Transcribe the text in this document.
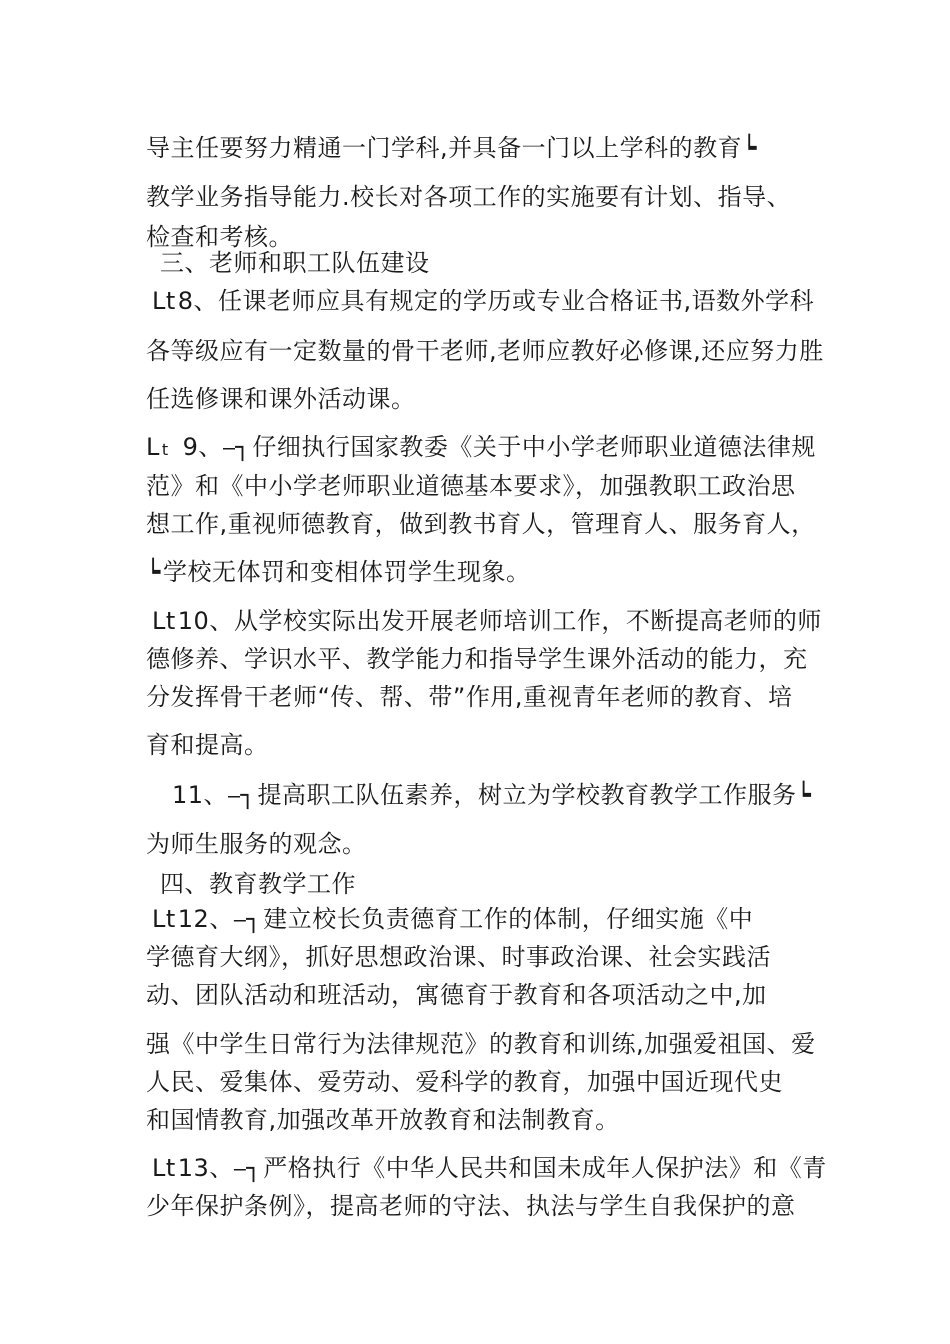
导主任要努力精通一门学科,并具备一门以上学科的教育┕
教学业务指导能力.校长对各项工作的实施要有计划、指导、
检查和考核。
三、老师和职工队伍建设
Lt8、任课老师应具有规定的学历或专业合格证书,语数外学科
各等级应有一定数量的骨干老师,老师应教好必修课,还应努力胜
任选修课和课外活动课。
Lt 9、⎯┐仔细执行国家教委《关于中小学老师职业道德法律规
范》和《中小学老师职业道德基本要求》，加强教职工政治思
想工作,重视师德教育，做到教书育人，管理育人、服务育人，
┕学校无体罚和变相体罚学生现象。
Lt10、从学校实际出发开展老师培训工作，不断提高老师的师
德修养、学识水平、教学能力和指导学生课外活动的能力，充
分发挥骨干老师“传、帮、带”作用,重视青年老师的教育、培
育和提高。
11、⎯┐提高职工队伍素养，树立为学校教育教学工作服务┕
为师生服务的观念。
四、教育教学工作
Lt12、⎯┐建立校长负责德育工作的体制，仔细实施《中
学德育大纲》，抓好思想政治课、时事政治课、社会实践活
动、团队活动和班活动，寓德育于教育和各项活动之中,加
强《中学生日常行为法律规范》的教育和训练,加强爱祖国、爱
人民、爱集体、爱劳动、爱科学的教育，加强中国近现代史
和国情教育,加强改革开放教育和法制教育。
Lt13、⎯┐严格执行《中华人民共和国未成年人保护法》和《青
少年保护条例》，提高老师的守法、执法与学生自我保护的意
